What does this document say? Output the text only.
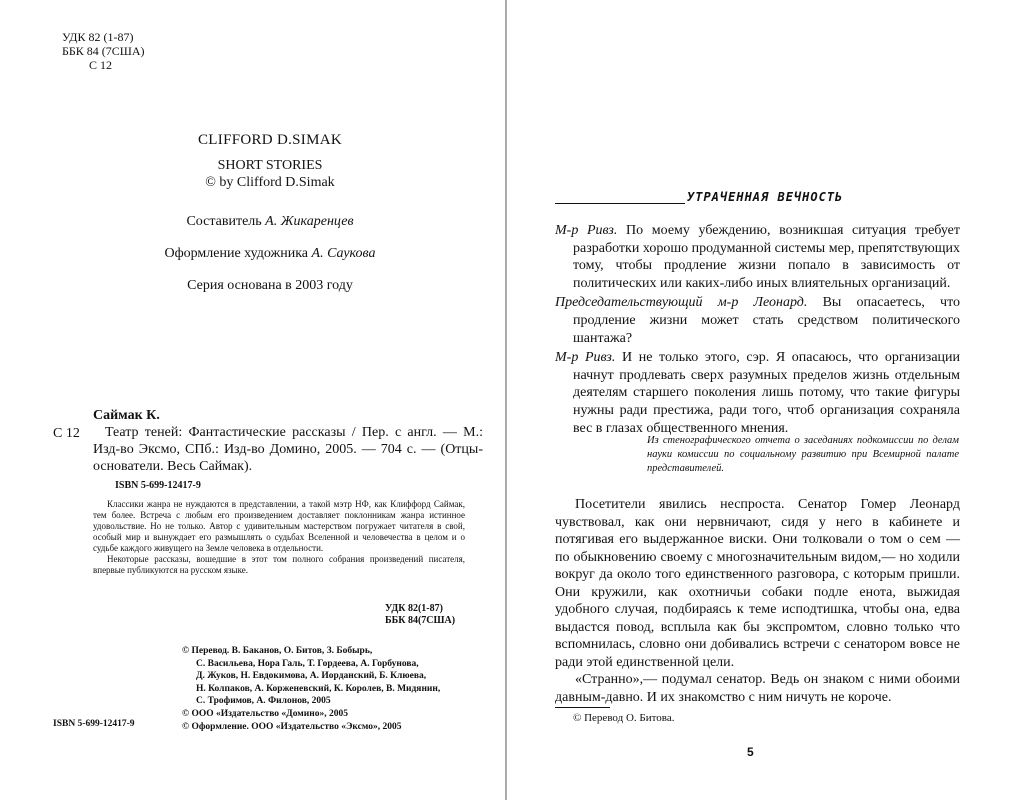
УДК 82 (1-87)
ББК 84 (7США)
С 12
CLIFFORD D.SIMAK
SHORT STORIES
© by Clifford D.Simak
Составитель А. Жикаренцев
Оформление художника А. Саукова
Серия основана в 2003 году
С 12
Саймак К.
Театр теней: Фантастические рассказы / Пер. с англ. — М.: Изд-во Эксмо, СПб.: Изд-во Домино, 2005. — 704 с. — (Отцы-основатели. Весь Саймак).
ISBN 5-699-12417-9

Классики жанра не нуждаются в представлении, а такой мэтр НФ, как Клиффорд Саймак, тем более. Встреча с любым его произведением доставляет поклонникам жанра истинное удовольствие. Но не только. Автор с удивительным мастерством погружает читателя в свой, особый мир и вынуждает его размышлять о судьбах Вселенной и человечества в целом и о судьбе каждого живущего на Земле человека в отдельности.

Некоторые рассказы, вошедшие в этот том полного собрания произведений писателя, впервые публикуются на русском языке.

УДК 82(1-87)
ББК 84(7США)
© Перевод. В. Баканов, О. Битов, З. Бобырь,
С. Васильева, Нора Галь, Т. Гордеева, А. Горбунова,
Д. Жуков, Н. Евдокимова, А. Иорданский, Б. Клюева,
Н. Колпаков, А. Корженевский, К. Королев, В. Мидянин,
С. Трофимов, А. Филонов, 2005
© ООО «Издательство «Домино», 2005
© Оформление. ООО «Издательство «Эксмо», 2005
ISBN 5-699-12417-9
УТРАЧЕННАЯ ВЕЧНОСТЬ

М-р Ривз. По моему убеждению, возникшая ситуация требует разработки хорошо продуманной системы мер, препятствующих тому, чтобы продление жизни попало в зависимость от политических или каких-либо иных влиятельных организаций.

Председательствующий м-р Леонард. Вы опасаетесь, что продление жизни может стать средством политического шантажа?

М-р Ривз. И не только этого, сэр. Я опасаюсь, что организации начнут продлевать сверх разумных пределов жизнь отдельным деятелям старшего поколения лишь потому, что такие фигуры нужны ради престижа, ради того, чтоб организация сохраняла вес в глазах общественного мнения.

Из стенографического отчета о заседаниях подкомиссии по делам науки комиссии по социальному развитию при Всемирной палате представителей.

Посетители явились неспроста. Сенатор Гомер Леонард чувствовал, как они нервничают, сидя у него в кабинете и потягивая его выдержанное виски. Они толковали о том о сем — по обыкновению своему с многозначительным видом,— но ходили вокруг да около того единственного разговора, с которым пришли. Они кружили, как охотничьи собаки подле енота, выжидая удобного случая, подбираясь к теме исподтишка, чтобы она, едва выдастся повод, всплыла как бы экспромтом, словно только что вспомнилась, словно они добивались встречи с сенатором вовсе не ради этой единственной цели.

«Странно»,— подумал сенатор. Ведь он знаком с ними обоими давным-давно. И их знакомство с ним ничуть не короче.

© Перевод О. Битова.
5
